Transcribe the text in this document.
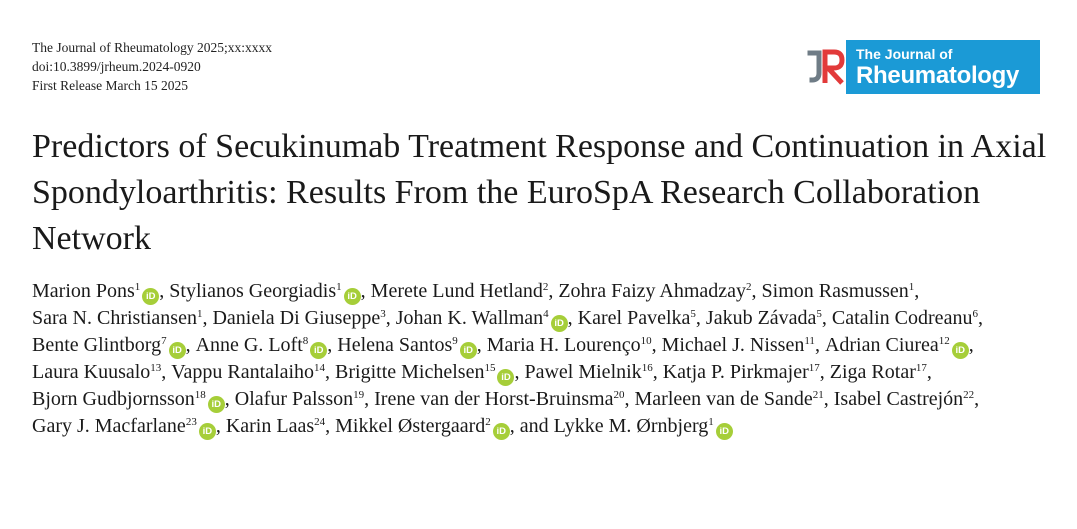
The Journal of Rheumatology 2025;xx:xxxx
doi:10.3899/jrheum.2024-0920
First Release March 15 2025
The Journal of
Rheumatology
Predictors of Secukinumab Treatment Response and Continuation in Axial Spondyloarthritis: Results From the EuroSpA Research Collaboration Network
Marion Pons$^1$iD , Stylianos Georgiadis$^1$iD , Merete Lund Hetland$^2$, Zohra Faizy Ahmadzay$^2$, Simon Rasmussen$^1$, Sara N. Christiansen$^1$, Daniela Di Giuseppe$^3$, Johan K. Wallman$^4$iD , Karel Pavelka$^5$, Jakub Závada$^5$, Catalin Codreanu$^6$, Bente Glintborg$^7$iD , Anne G. Loft$^8$iD , Helena Santos$^9$iD , Maria H. Lourenço$^{10}$, Michael J. Nissen$^{11}$, Adrian Ciurea$^{12}$iD , Laura Kuusalo$^{13}$, Vappu Rantalaiho$^{14}$, Brigitte Michelsen$^{15}$iD , Pawel Mielnik$^{16}$, Katja P. Pirkmajer$^{17}$, Ziga Rotar$^{17}$, Bjorn Gudbjornsson$^{18}$iD , Olafur Palsson$^{19}$, Irene van der Horst-Bruinsma$^{20}$, Marleen van de Sande$^{21}$, Isabel Castrejón$^{22}$, Gary J. Macfarlane$^{23}$iD , Karin Laas$^{24}$, Mikkel Østergaard$^2$iD , and Lykke M. Ørnbjerg$^1$iD
